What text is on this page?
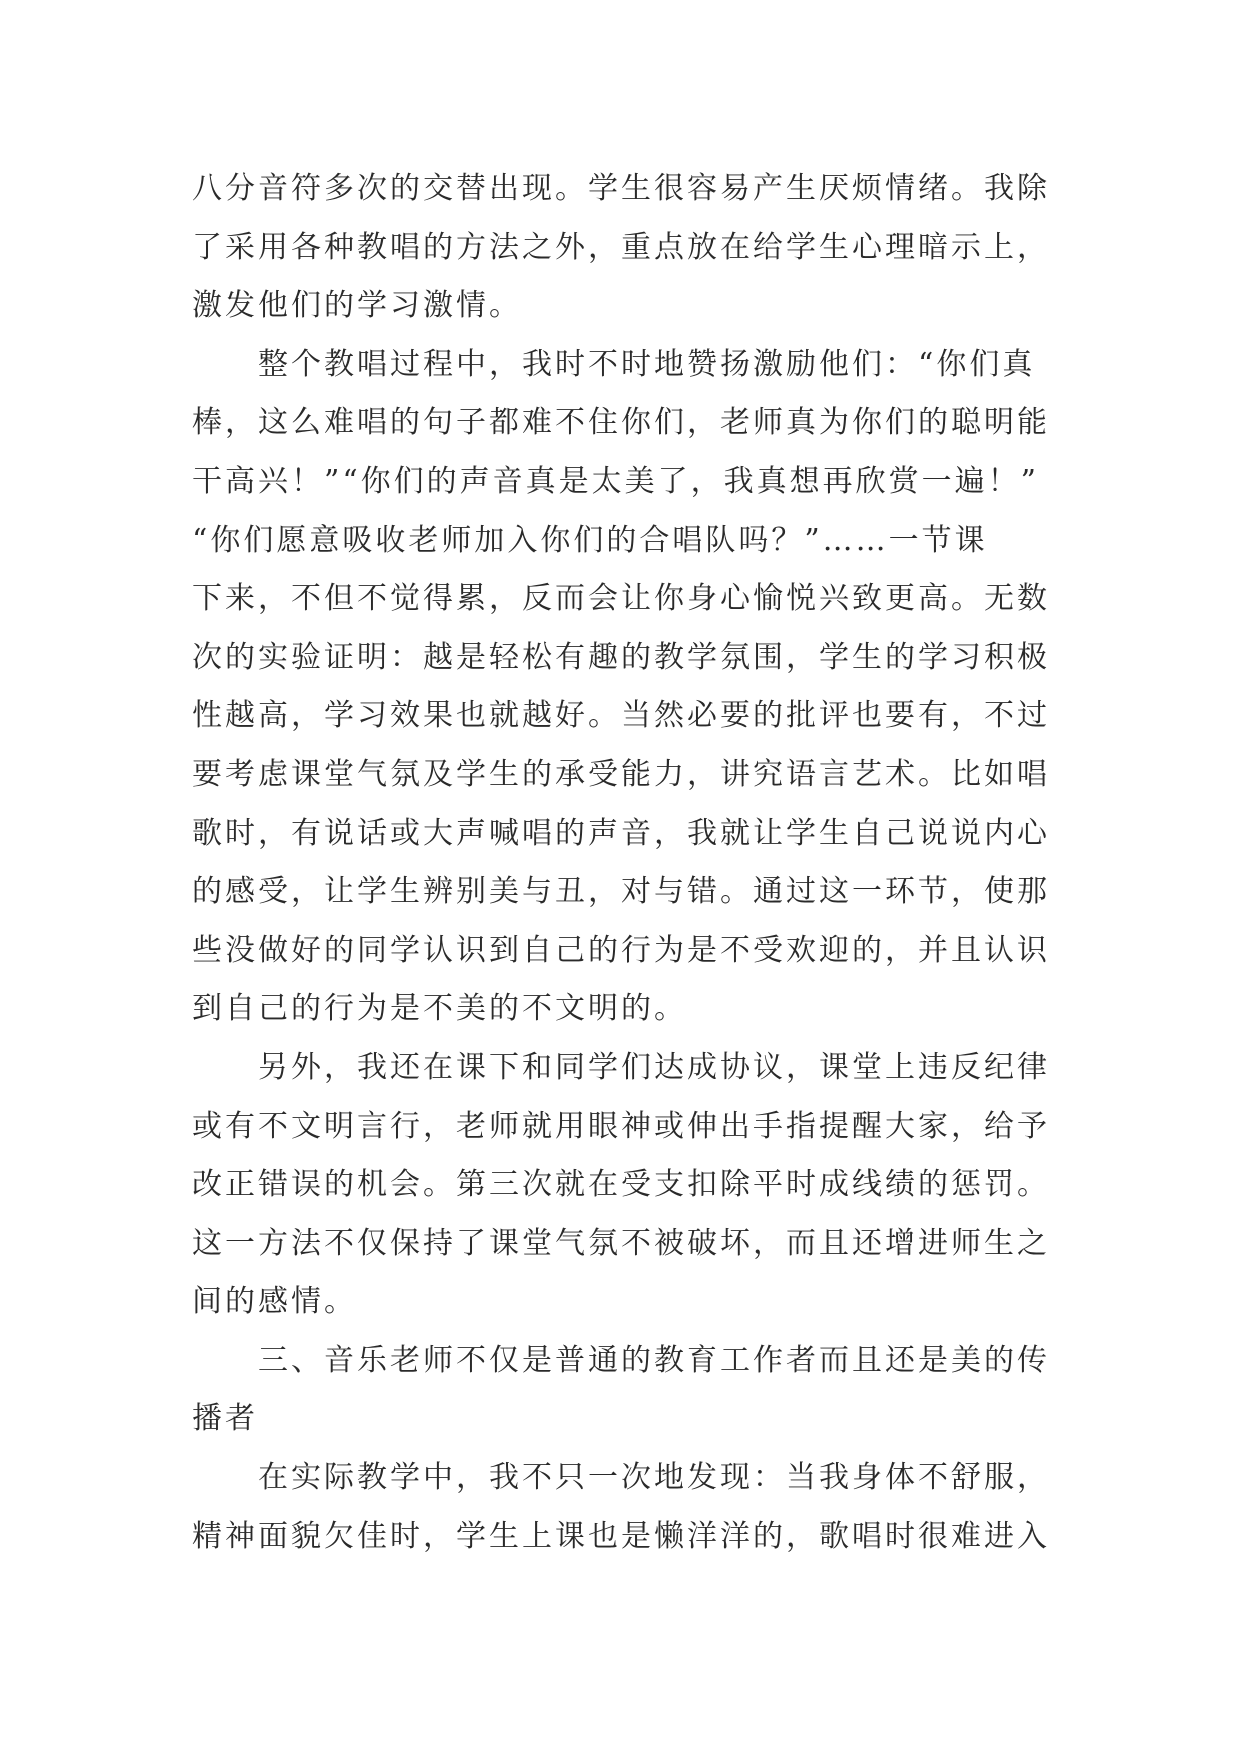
八分音符多次的交替出现。学生很容易产生厌烦情绪。我除
了采用各种教唱的方法之外，重点放在给学生心理暗示上，
激发他们的学习激情。
　　整个教唱过程中，我时不时地赞扬激励他们：“你们真
棒，这么难唱的句子都难不住你们，老师真为你们的聪明能
干高兴！”“你们的声音真是太美了，我真想再欣赏一遍！”
“你们愿意吸收老师加入你们的合唱队吗？”……一节课
下来，不但不觉得累，反而会让你身心愉悦兴致更高。无数
次的实验证明：越是轻松有趣的教学氛围，学生的学习积极
性越高，学习效果也就越好。当然必要的批评也要有，不过
要考虑课堂气氛及学生的承受能力，讲究语言艺术。比如唱
歌时，有说话或大声喊唱的声音，我就让学生自己说说内心
的感受，让学生辨别美与丑，对与错。通过这一环节，使那
些没做好的同学认识到自己的行为是不受欢迎的，并且认识
到自己的行为是不美的不文明的。
　　另外，我还在课下和同学们达成协议，课堂上违反纪律
或有不文明言行，老师就用眼神或伸出手指提醒大家，给予
改正错误的机会。第三次就在受支扣除平时成线绩的惩罚。
这一方法不仅保持了课堂气氛不被破坏，而且还增进师生之
间的感情。
　　三、音乐老师不仅是普通的教育工作者而且还是美的传
播者
　　在实际教学中，我不只一次地发现：当我身体不舒服，
精神面貌欠佳时，学生上课也是懒洋洋的，歌唱时很难进入
